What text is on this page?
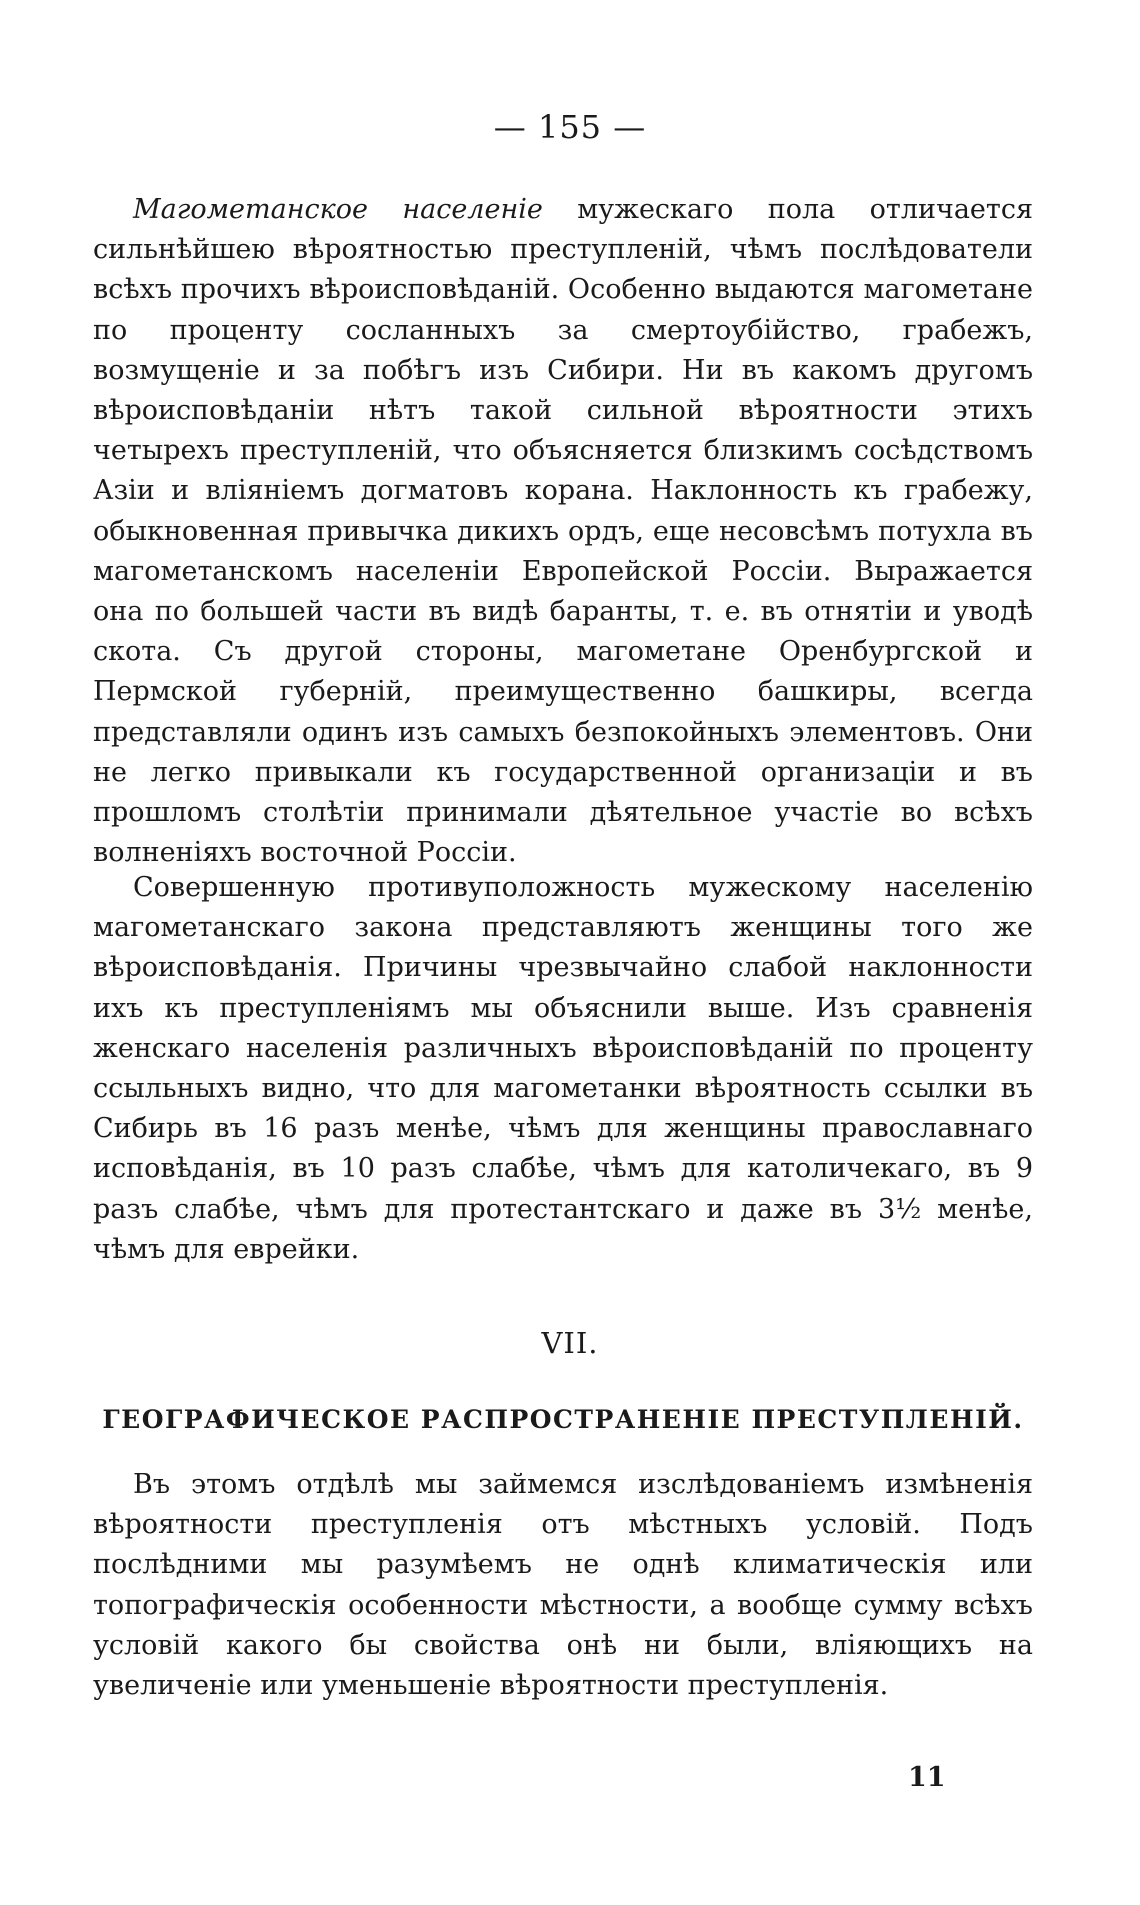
— 155 —

Магометанское населенiе мужескаго пола отличается сильнѣйшею вѣроятностью преступленiй, чѣмъ послѣдователи всѣхъ прочихъ вѣроисповѣданiй. Особенно выдаются магометане по проценту сосланныхъ за смертоубiйство, грабежъ, возмущенiе и за побѣгъ изъ Сибири. Ни въ какомъ другомъ вѣроисповѣданiи нѣтъ такой сильной вѣроятности этихъ четырехъ преступленiй, что объясняется близкимъ сосѣдствомъ Азiи и влiянiемъ догматовъ корана. Наклонность къ грабежу, обыкновенная привычка дикихъ ордъ, еще несовсѣмъ потухла въ магометанскомъ населенiи Европейской Россiи. Выражается она по большей части въ видѣ баранты, т. е. въ отнятiи и уводѣ скота. Съ другой стороны, магометане Оренбургской и Пермской губернiй, преимущественно башкиры, всегда представляли одинъ изъ самыхъ безпокойныхъ элементовъ. Они не легко привыкали къ государственной организацiи и въ прошломъ столѣтiи принимали дѣятельное участiе во всѣхъ волненiяхъ восточной Россiи.

Совершенную противуположность мужескому населенiю магометанскаго закона представляютъ женщины того же вѣроисповѣданiя. Причины чрезвычайно слабой наклонности ихъ къ преступленiямъ мы объяснили выше. Изъ сравненiя женскаго населенiя различныхъ вѣроисповѣданiй по проценту ссыльныхъ видно, что для магометанки вѣроятность ссылки въ Сибирь въ 16 разъ менѣе, чѣмъ для женщины православнаго исповѣданiя, въ 10 разъ слабѣе, чѣмъ для католичекаго, въ 9 разъ слабѣе, чѣмъ для протестантскаго и даже въ 3½ менѣе, чѣмъ для еврейки.

VII.
ГЕОГРАФИЧЕСКОЕ РАСПРОСТРАНЕНIЕ ПРЕСТУПЛЕНIЙ.

Въ этомъ отдѣлѣ мы займемся изслѣдованiемъ измѣненiя вѣроятности преступленiя отъ мѣстныхъ условiй. Подъ послѣдними мы разумѣемъ не однѣ климатическiя или топографическiя особенности мѣстности, а вообще сумму всѣхъ условiй какого бы свойства онѣ ни были, влiяющихъ на увеличенiе или уменьшенiе вѣроятности преступленiя.

11
